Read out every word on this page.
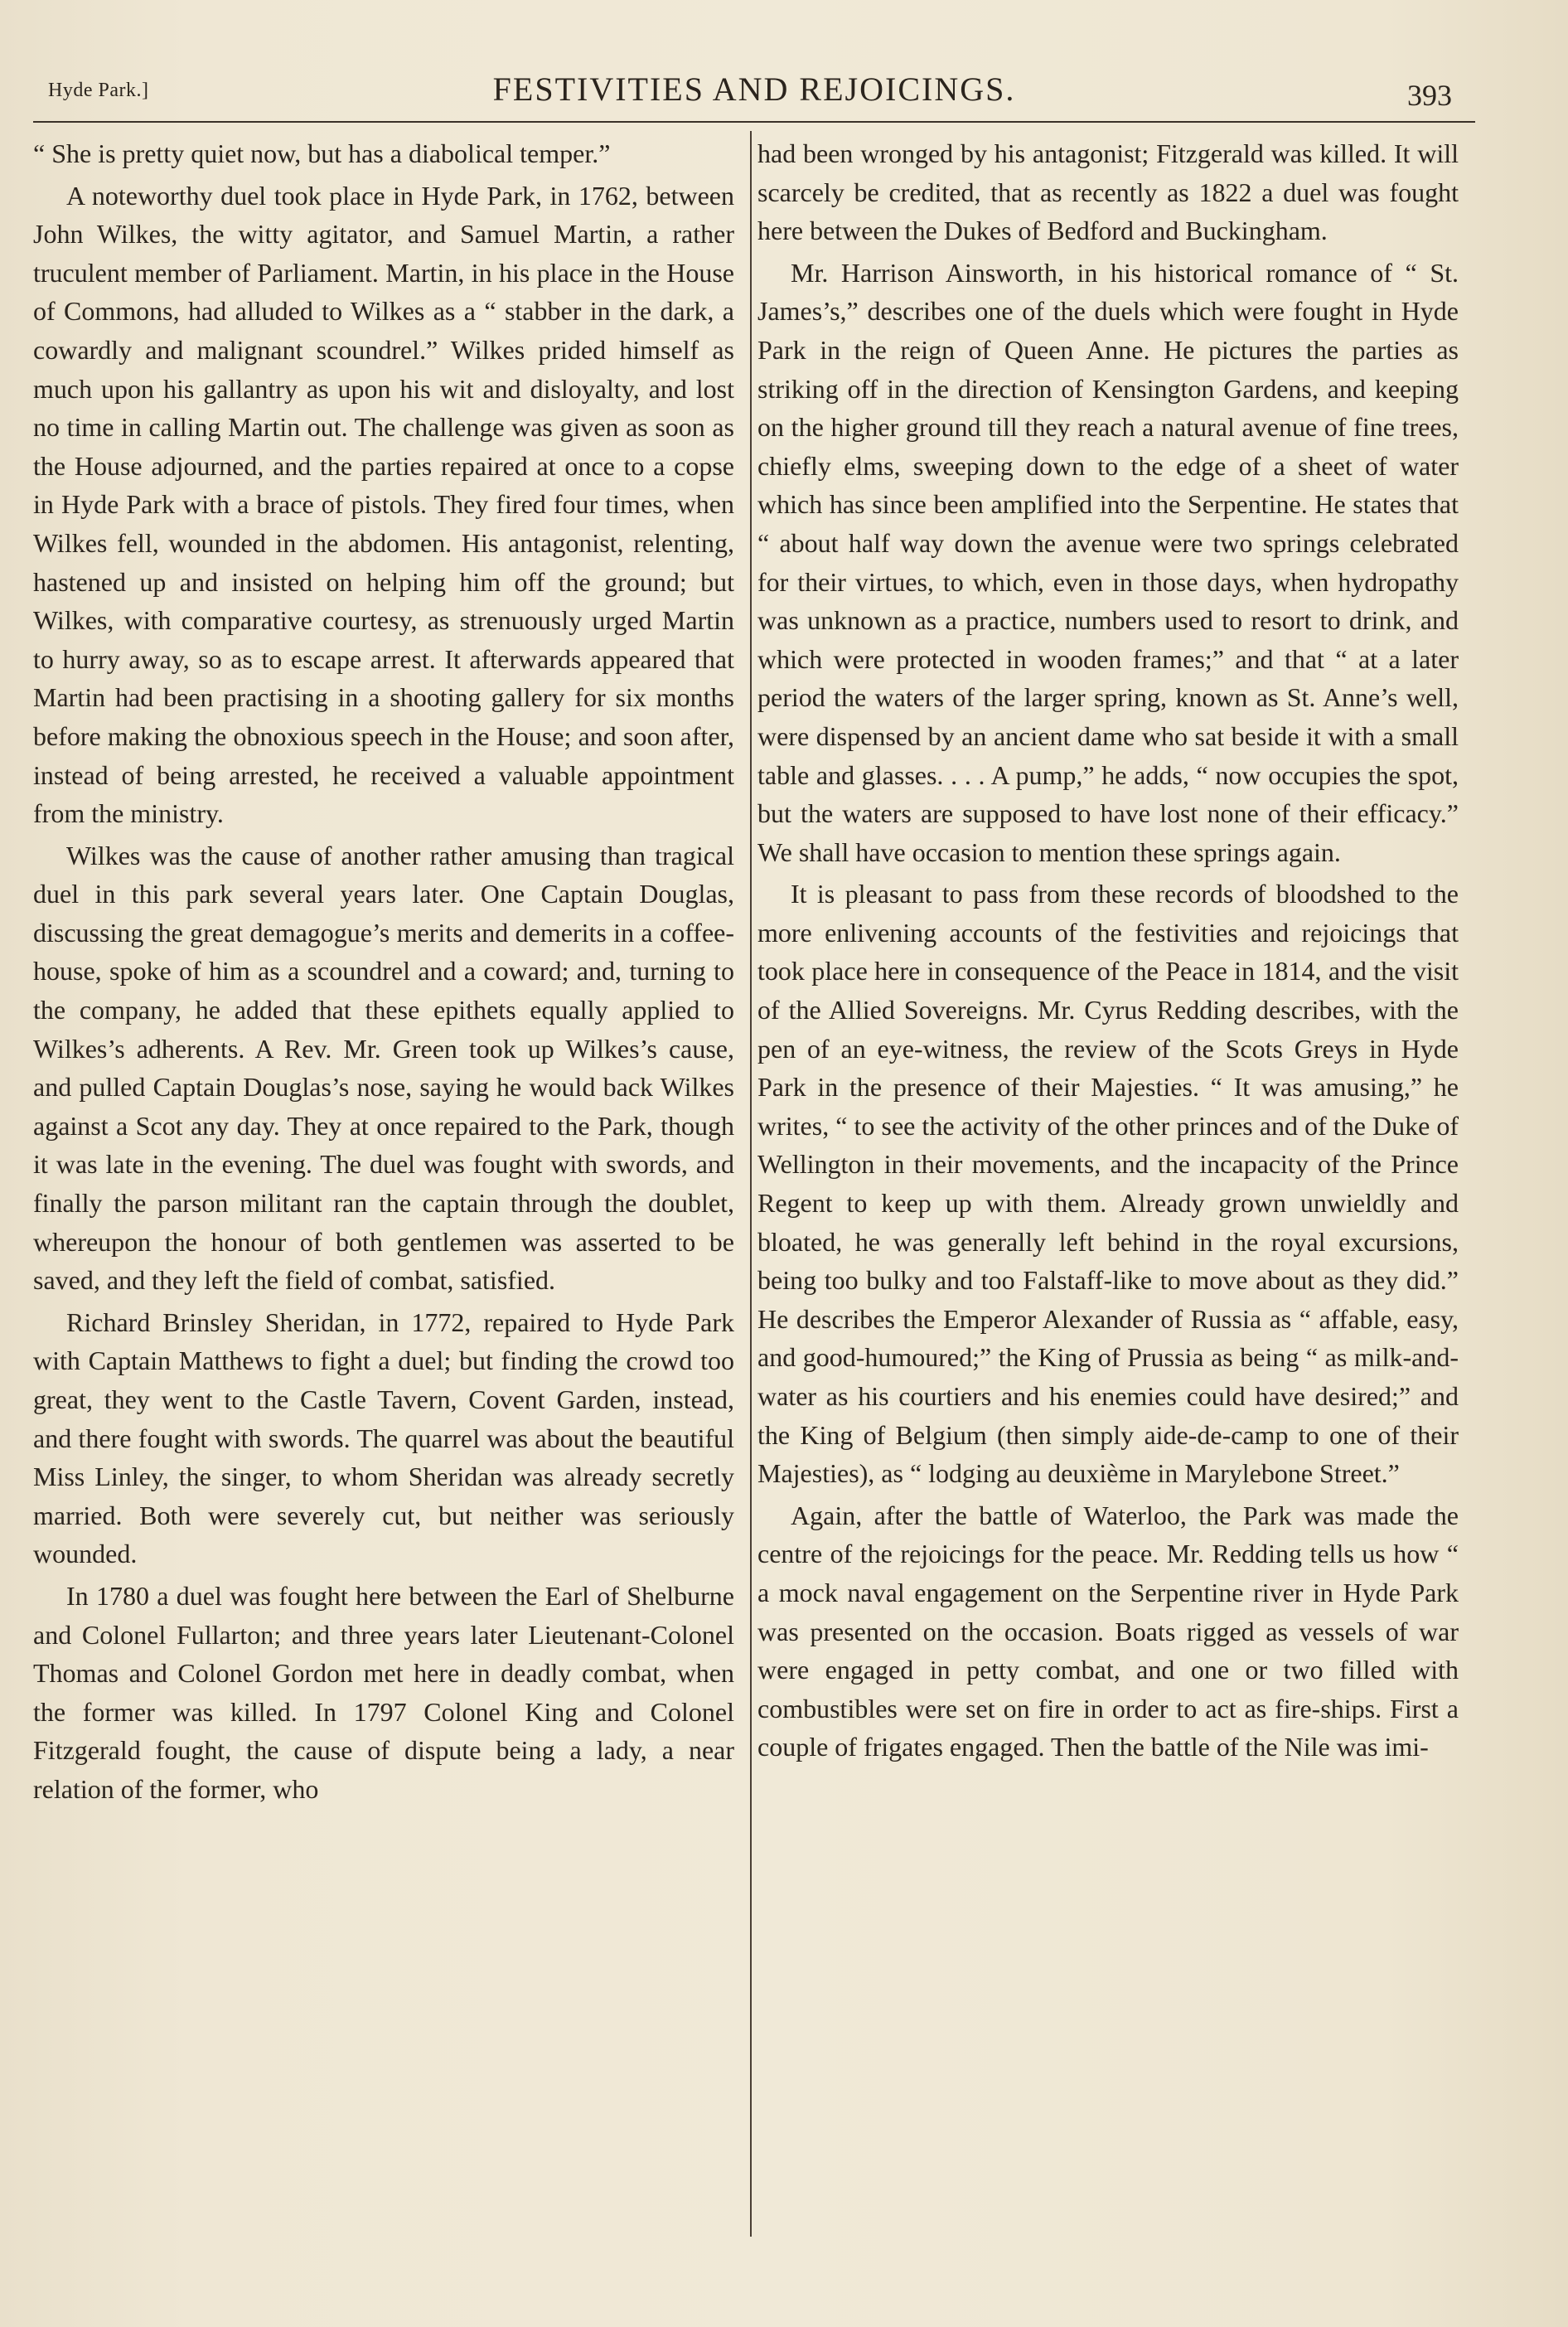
Hyde Park.]	FESTIVITIES AND REJOICINGS.	393

“ She is pretty quiet now, but has a diabolical temper.”

A noteworthy duel took place in Hyde Park, in 1762, between John Wilkes, the witty agitator, and Samuel Martin, a rather truculent member of Parliament. Martin, in his place in the House of Commons, had alluded to Wilkes as a “ stabber in the dark, a cowardly and malignant scoundrel.” Wilkes prided himself as much upon his gallantry as upon his wit and disloyalty, and lost no time in calling Martin out. The challenge was given as soon as the House adjourned, and the parties repaired at once to a copse in Hyde Park with a brace of pistols. They fired four times, when Wilkes fell, wounded in the abdomen. His antagonist, relenting, hastened up and insisted on helping him off the ground; but Wilkes, with comparative courtesy, as strenuously urged Martin to hurry away, so as to escape arrest. It afterwards appeared that Martin had been practising in a shooting gallery for six months before making the obnoxious speech in the House; and soon after, instead of being arrested, he received a valuable appointment from the ministry.

Wilkes was the cause of another rather amusing than tragical duel in this park several years later. One Captain Douglas, discussing the great demagogue’s merits and demerits in a coffee-house, spoke of him as a scoundrel and a coward; and, turning to the company, he added that these epithets equally applied to Wilkes’s adherents. A Rev. Mr. Green took up Wilkes’s cause, and pulled Captain Douglas’s nose, saying he would back Wilkes against a Scot any day. They at once repaired to the Park, though it was late in the evening. The duel was fought with swords, and finally the parson militant ran the captain through the doublet, whereupon the honour of both gentlemen was asserted to be saved, and they left the field of combat, satisfied.

Richard Brinsley Sheridan, in 1772, repaired to Hyde Park with Captain Matthews to fight a duel; but finding the crowd too great, they went to the Castle Tavern, Covent Garden, instead, and there fought with swords. The quarrel was about the beautiful Miss Linley, the singer, to whom Sheridan was already secretly married. Both were severely cut, but neither was seriously wounded.

In 1780 a duel was fought here between the Earl of Shelburne and Colonel Fullarton; and three years later Lieutenant-Colonel Thomas and Colonel Gordon met here in deadly combat, when the former was killed. In 1797 Colonel King and Colonel Fitzgerald fought, the cause of dispute being a lady, a near relation of the former, who

had been wronged by his antagonist; Fitzgerald was killed. It will scarcely be credited, that as recently as 1822 a duel was fought here between the Dukes of Bedford and Buckingham.

Mr. Harrison Ainsworth, in his historical romance of “ St. James’s,” describes one of the duels which were fought in Hyde Park in the reign of Queen Anne. He pictures the parties as striking off in the direction of Kensington Gardens, and keeping on the higher ground till they reach a natural avenue of fine trees, chiefly elms, sweeping down to the edge of a sheet of water which has since been amplified into the Serpentine. He states that “ about half way down the avenue were two springs celebrated for their virtues, to which, even in those days, when hydropathy was unknown as a practice, numbers used to resort to drink, and which were protected in wooden frames;” and that “ at a later period the waters of the larger spring, known as St. Anne’s well, were dispensed by an ancient dame who sat beside it with a small table and glasses. . . . A pump,” he adds, “ now occupies the spot, but the waters are supposed to have lost none of their efficacy.” We shall have occasion to mention these springs again.

It is pleasant to pass from these records of bloodshed to the more enlivening accounts of the festivities and rejoicings that took place here in consequence of the Peace in 1814, and the visit of the Allied Sovereigns. Mr. Cyrus Redding describes, with the pen of an eye-witness, the review of the Scots Greys in Hyde Park in the presence of their Majesties. “ It was amusing,” he writes, “ to see the activity of the other princes and of the Duke of Wellington in their movements, and the incapacity of the Prince Regent to keep up with them. Already grown unwieldly and bloated, he was generally left behind in the royal excursions, being too bulky and too Falstaff-like to move about as they did.” He describes the Emperor Alexander of Russia as “ affable, easy, and good-humoured;” the King of Prussia as being “ as milk-and-water as his courtiers and his enemies could have desired;” and the King of Belgium (then simply aide-de-camp to one of their Majesties), as “ lodging au deuxième in Marylebone Street.”

Again, after the battle of Waterloo, the Park was made the centre of the rejoicings for the peace. Mr. Redding tells us how “ a mock naval engagement on the Serpentine river in Hyde Park was presented on the occasion. Boats rigged as vessels of war were engaged in petty combat, and one or two filled with combustibles were set on fire in order to act as fire-ships. First a couple of frigates engaged. Then the battle of the Nile was imi-
